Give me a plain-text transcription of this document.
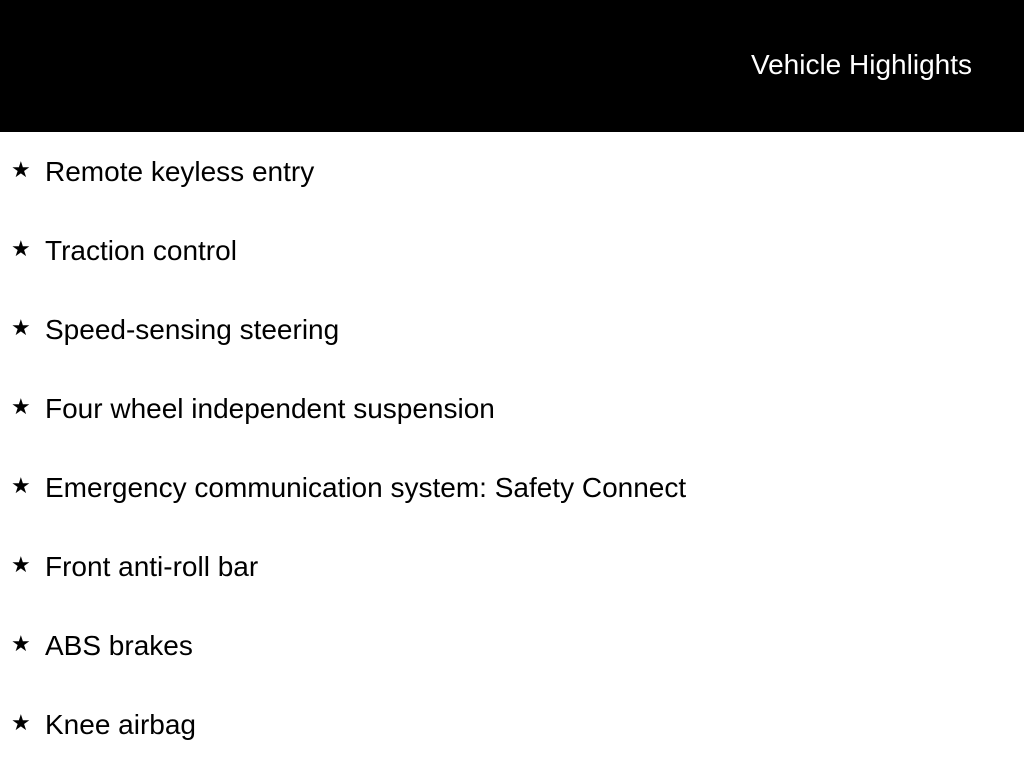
Vehicle Highlights
★ Remote keyless entry
★ Traction control
★ Speed-sensing steering
★ Four wheel independent suspension
★ Emergency communication system: Safety Connect
★ Front anti-roll bar
★ ABS brakes
★ Knee airbag
